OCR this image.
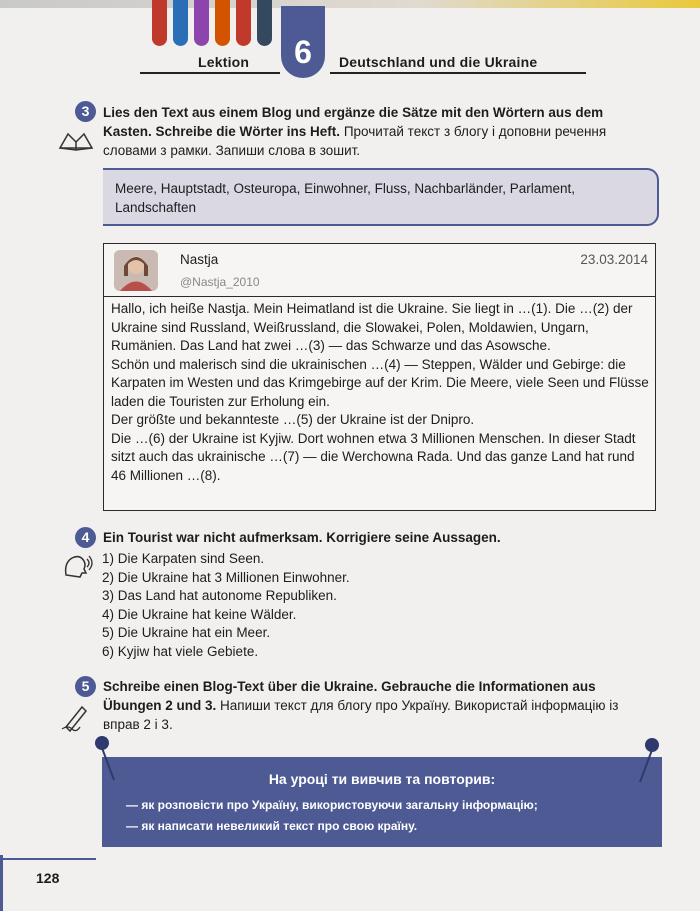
Lektion	Deutschland und die Ukraine
6
3	Lies den Text aus einem Blog und ergänze die Sätze mit den Wörtern aus dem Kasten. Schreibe die Wörter ins Heft. Прочитай текст з блогу і доповни речення словами з рамки. Запиши слова в зошит.
Meere, Hauptstadt, Osteuropa, Einwohner, Fluss, Nachbarländer, Parlament, Landschaften
Nastja
@Nastja_2010
23.03.2014

Hallo, ich heiße Nastja. Mein Heimatland ist die Ukraine. Sie liegt in …(1). Die …(2) der Ukraine sind Russland, Weißrussland, die Slowakei, Polen, Moldawien, Ungarn, Rumänien. Das Land hat zwei …(3) — das Schwarze und das Asowsche.

Schön und malerisch sind die ukrainischen …(4) — Steppen, Wälder und Gebirge: die Karpaten im Westen und das Krimgebirge auf der Krim. Die Meere, viele Seen und Flüsse laden die Touristen zur Erholung ein.

Der größte und bekannteste …(5) der Ukraine ist der Dnipro.

Die …(6) der Ukraine ist Kyjiw. Dort wohnen etwa 3 Millionen Menschen. In dieser Stadt sitzt auch das ukrainische …(7) — die Werchowna Rada. Und das ganze Land hat rund 46 Millionen …(8).

4	Ein Tourist war nicht aufmerksam. Korrigiere seine Aussagen.
1) Die Karpaten sind Seen.
2) Die Ukraine hat 3 Millionen Einwohner.
3) Das Land hat autonome Republiken.
4) Die Ukraine hat keine Wälder.
5) Die Ukraine hat ein Meer.
6) Kyjiw hat viele Gebiete.
5	Schreibe einen Blog-Text über die Ukraine. Gebrauche die Informationen aus Übungen 2 und 3. Напиши текст для блогу про Україну. Використай інформацію із вправ 2 і 3.
На уроці ти вивчив та повторив:
— як розповісти про Україну, використовуючи загальну інформацію;
— як написати невеликий текст про свою країну.
128
